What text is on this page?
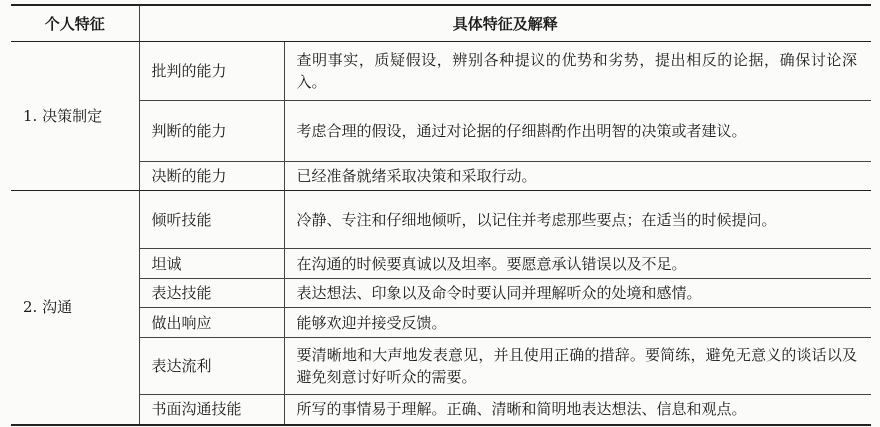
个人特征	具体特征及解释	
1. 决策制定	批判的能力	查明事实，质疑假设，辨别各种提议的优势和劣势，提出相反的论据，确保讨论深入。
	判断的能力	考虑合理的假设，通过对论据的仔细斟酌作出明智的决策或者建议。
	决断的能力	已经准备就绪采取决策和采取行动。
2. 沟通	倾听技能	冷静、专注和仔细地倾听，以记住并考虑那些要点；在适当的时候提问。
	坦诚	在沟通的时候要真诚以及坦率。要愿意承认错误以及不足。
	表达技能	表达想法、印象以及命令时要认同并理解听众的处境和感情。
	做出响应	能够欢迎并接受反馈。
	表达流利	要清晰地和大声地发表意见，并且使用正确的措辞。要简练，避免无意义的谈话以及避免刻意讨好听众的需要。
	书面沟通技能	所写的事情易于理解。正确、清晰和简明地表达想法、信息和观点。
